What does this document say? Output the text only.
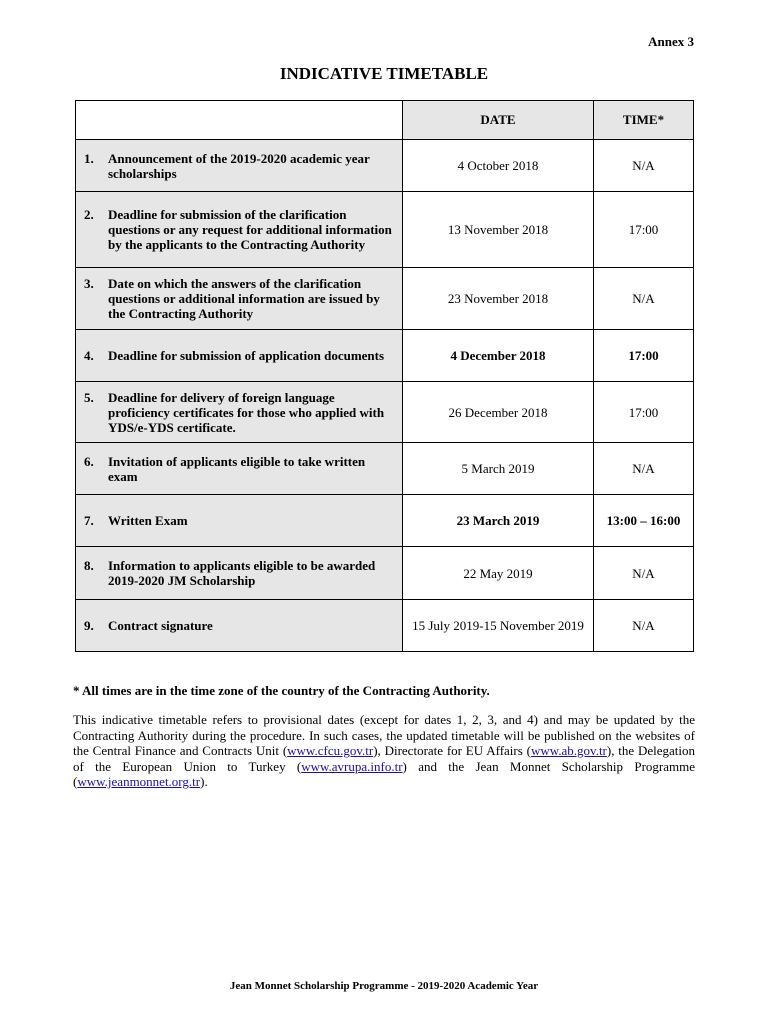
Annex 3
INDICATIVE TIMETABLE
	DATE	TIME*

1. Announcement of the 2019-2020 academic year scholarships	4 October 2018	N/A

2. Deadline for submission of the clarification questions or any request for additional information by the applicants to the Contracting Authority	13 November 2018	17:00

3. Date on which the answers of the clarification questions or additional information are issued by the Contracting Authority	23 November 2018	N/A

4. Deadline for submission of application documents	4 December 2018	17:00

5. Deadline for delivery of foreign language proficiency certificates for those who applied with YDS/e-YDS certificate.	26 December 2018	17:00

6. Invitation of applicants eligible to take written exam	5 March 2019	N/A

7. Written Exam	23 March 2019	13:00 – 16:00

8. Information to applicants eligible to be awarded 2019-2020 JM Scholarship	22 May 2019	N/A

9. Contract signature	15 July 2019-15 November 2019	N/A
* All times are in the time zone of the country of the Contracting Authority.
This indicative timetable refers to provisional dates (except for dates 1, 2, 3, and 4) and may be updated by the Contracting Authority during the procedure. In such cases, the updated timetable will be published on the websites of the Central Finance and Contracts Unit (www.cfcu.gov.tr), Directorate for EU Affairs (www.ab.gov.tr), the Delegation of the European Union to Turkey (www.avrupa.info.tr) and the Jean Monnet Scholarship Programme (www.jeanmonnet.org.tr).
Jean Monnet Scholarship Programme - 2019-2020 Academic Year
